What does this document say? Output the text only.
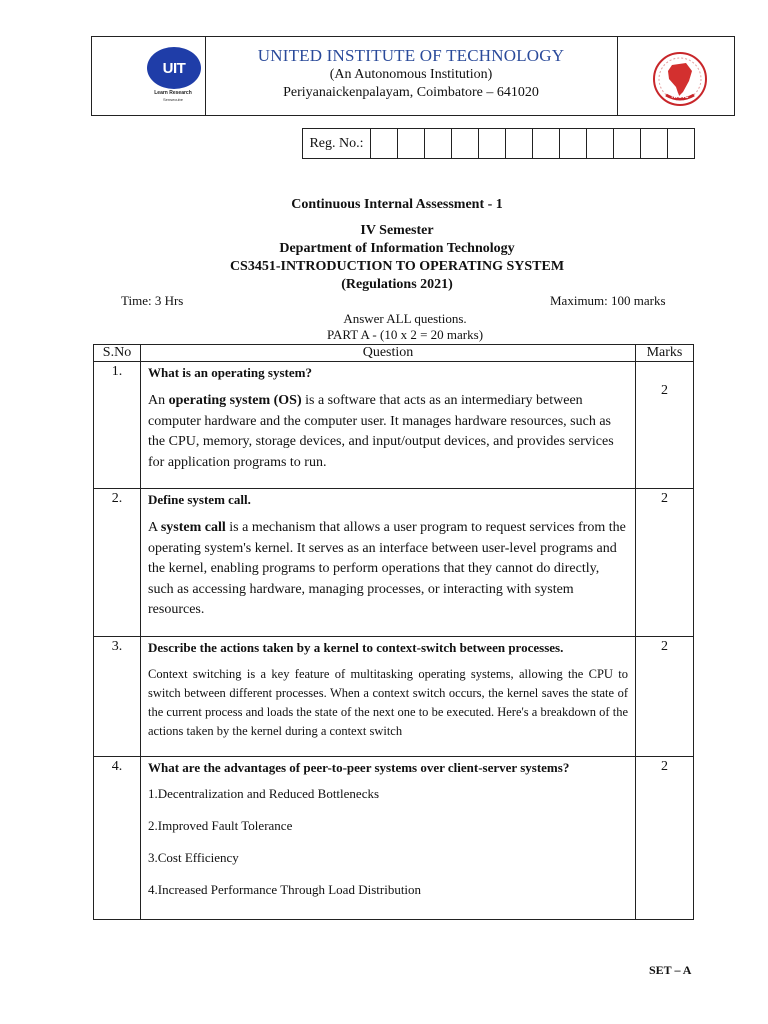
UIT
Learn Research
Sensecube
UNITED INSTITUTE OF TECHNOLOGY
(An Autonomous Institution)
Periyanaickenpalayam, Coimbatore – 641020	NAAC
Reg. No.:
Continuous Internal Assessment - 1
IV Semester
Department of Information Technology
CS3451-INTRODUCTION TO OPERATING SYSTEM
(Regulations 2021)
Time: 3 Hrs	Maximum: 100 marks
Answer ALL questions.
PART A - (10 x 2 = 20 marks)
S.No	Question	Marks
1.	What is an operating system?
An operating system (OS) is a software that acts as an intermediary between computer hardware and the computer user. It manages hardware resources, such as the CPU, memory, storage devices, and input/output devices, and provides services for application programs to run.	2
2.	Define system call.
A system call is a mechanism that allows a user program to request services from the operating system's kernel. It serves as an interface between user-level programs and the kernel, enabling programs to perform operations that they cannot do directly, such as accessing hardware, managing processes, or interacting with system resources.	2
3.	Describe the actions taken by a kernel to context-switch between processes.
Context switching is a key feature of multitasking operating systems, allowing the CPU to switch between different processes. When a context switch occurs, the kernel saves the state of the current process and loads the state of the next one to be executed. Here's a breakdown of the actions taken by the kernel during a context switch	2
4.	What are the advantages of peer-to-peer systems over client-server systems?
1.Decentralization and Reduced Bottlenecks
2.Improved Fault Tolerance
3.Cost Efficiency
4.Increased Performance Through Load Distribution	2
SET – A
